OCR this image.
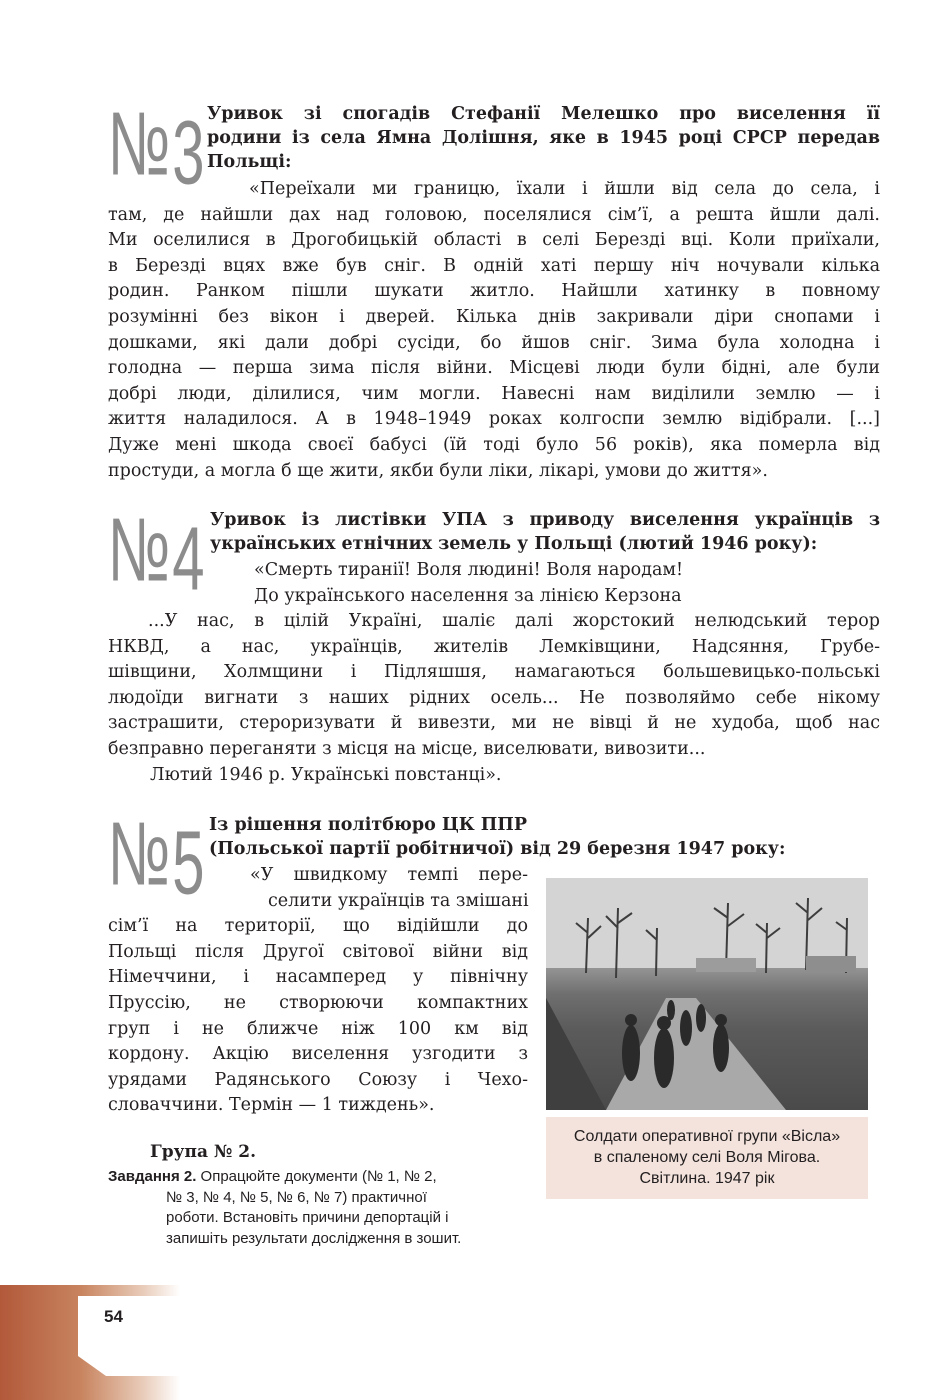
№3 Уривок зі спогадів Стефанії Мелешко про виселення її
родини із села Ямна Долішня, яке в 1945 році СРСР передав
Польщі:
«Переїхали ми границю, їхали і йшли від села до села, і
там, де найшли дах над головою, поселялися сім’ї, а решта йшли далі.
Ми оселилися в Дрогобицькій області в селі Березді вці. Коли приїхали,
в Березді вцях вже був сніг. В одній хаті першу ніч ночували кілька
родин. Ранком пішли шукати житло. Найшли хатинку в повному
розумінні без вікон і дверей. Кілька днів закривали діри снопами і
дошками, які дали добрі сусіди, бо йшов сніг. Зима була холодна і
голодна — перша зима після війни. Місцеві люди були бідні, але були
добрі люди, ділилися, чим могли. Навесні нам виділили землю — і
життя наладилося. А в 1948–1949 роках колгоспи землю відібрали. [...]
Дуже мені шкода своєї бабусі (їй тоді було 56 років), яка померла від
простуди, а могла б ще жити, якби були ліки, лікарі, умови до життя».
№4 Уривок із листівки УПА з приводу виселення українців з
українських етнічних земель у Польщі (лютий 1946 року):
«Смерть тиранії! Воля людині! Воля народам!
До українського населення за лінією Керзона
...У нас, в цілій Україні, шаліє далі жорстокий нелюдський терор
НКВД, а нас, українців, жителів Лемківщини, Надсяння, Грубе-
шівщини, Холмщини і Підляшшя, намагаються большевицько-польські
людоїди вигнати з наших рідних осель... Не позволяймо себе нікому
застрашити, стероризувати й вивезти, ми не вівці й не худоба, щоб нас
безправно переганяти з місця на місце, виселювати, вивозити...
Лютий 1946 р. Українські повстанці».
№5 Із рішення політбюро ЦК ППР
(Польської партії робітничої) від 29 березня 1947 року:
«У швидкому темпі пере-
селити українців та змішані
сім’ї на території, що відійшли до
Польщі після Другої світової війни від
Німеччини, і насамперед у північну
Пруссію, не створюючи компактних
груп і не ближче ніж 100 км від
кордону. Акцію виселення узгодити з
урядами Радянського Союзу і Чехо-
словаччини. Термін — 1 тиждень».
Солдати оперативної групи «Вісла»
в спаленому селі Воля Мігова.
Світлина. 1947 рік
Група № 2.
Завдання 2. Опрацюйте документи (№ 1, № 2,
№ 3, № 4, № 5, № 6, № 7) практичної
роботи. Встановіть причини депортацій і
запишіть результати дослідження в зошит.
54
